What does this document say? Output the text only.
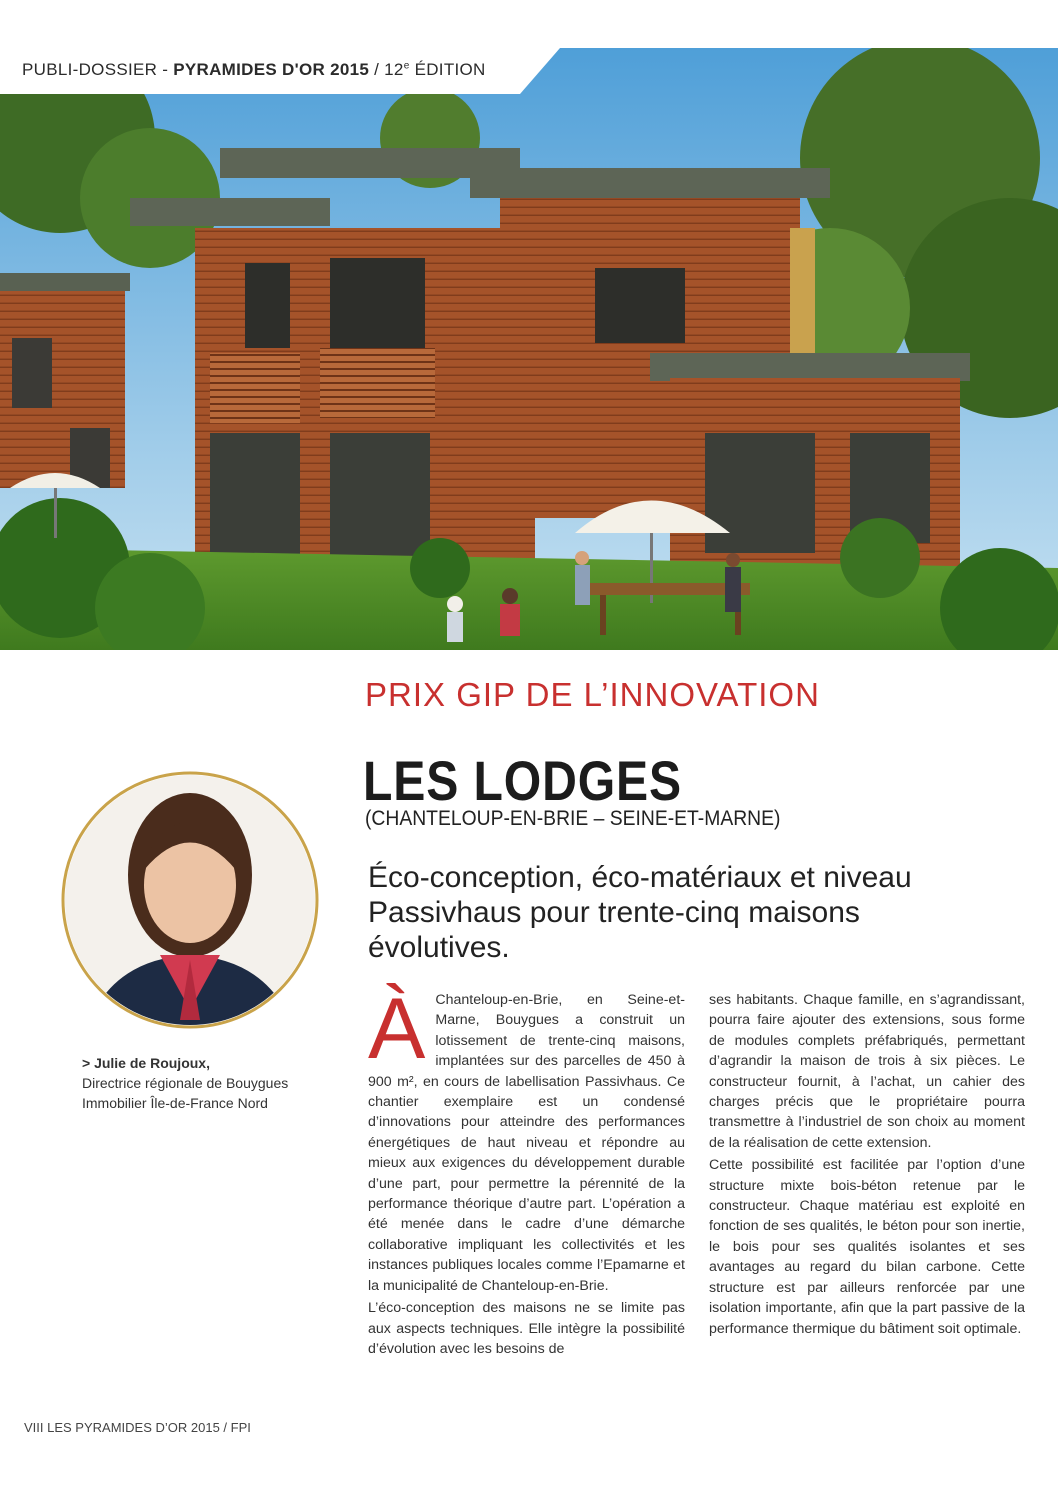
PUBLI-DOSSIER - PYRAMIDES D'OR 2015 / 12e ÉDITION
PRIX GIP DE L’INNOVATION
LES LODGES
(CHANTELOUP-EN-BRIE – SEINE-ET-MARNE)
Éco-conception, éco-matériaux et niveau Passivhaus pour trente-cinq maisons évolutives.
> Julie de Roujoux,
Directrice régionale de Bouygues Immobilier Île-de-France Nord

À Chanteloup-en-Brie, en Seine-et-Marne, Bouygues a construit un lotissement de trente-cinq maisons, implantées sur des parcelles de 450 à 900 m², en cours de labellisation Passivhaus. Ce chantier exemplaire est un condensé d’innovations pour atteindre des performances énergétiques de haut niveau et répondre au mieux aux exigences du développement durable d’une part, pour permettre la pérennité de la performance théorique d’autre part. L’opération a été menée dans le cadre d’une démarche collaborative impliquant les collectivités et les instances publiques locales comme l’Epamarne et la municipalité de Chanteloup-en-Brie.

L’éco-conception des maisons ne se limite pas aux aspects techniques. Elle intègre la possibilité d’évolution avec les besoins de

ses habitants. Chaque famille, en s’agrandissant, pourra faire ajouter des extensions, sous forme de modules complets préfabriqués, permettant d’agrandir la maison de trois à six pièces. Le constructeur fournit, à l’achat, un cahier des charges précis que le propriétaire pourra transmettre à l’industriel de son choix au moment de la réalisation de cette extension.

Cette possibilité est facilitée par l’option d’une structure mixte bois-béton retenue par le constructeur. Chaque matériau est exploité en fonction de ses qualités, le béton pour son inertie, le bois pour ses qualités isolantes et ses avantages au regard du bilan carbone. Cette structure est par ailleurs renforcée par une isolation importante, afin que la part passive de la performance thermique du bâtiment soit optimale.

VIII LES PYRAMIDES D’OR 2015 / FPI
